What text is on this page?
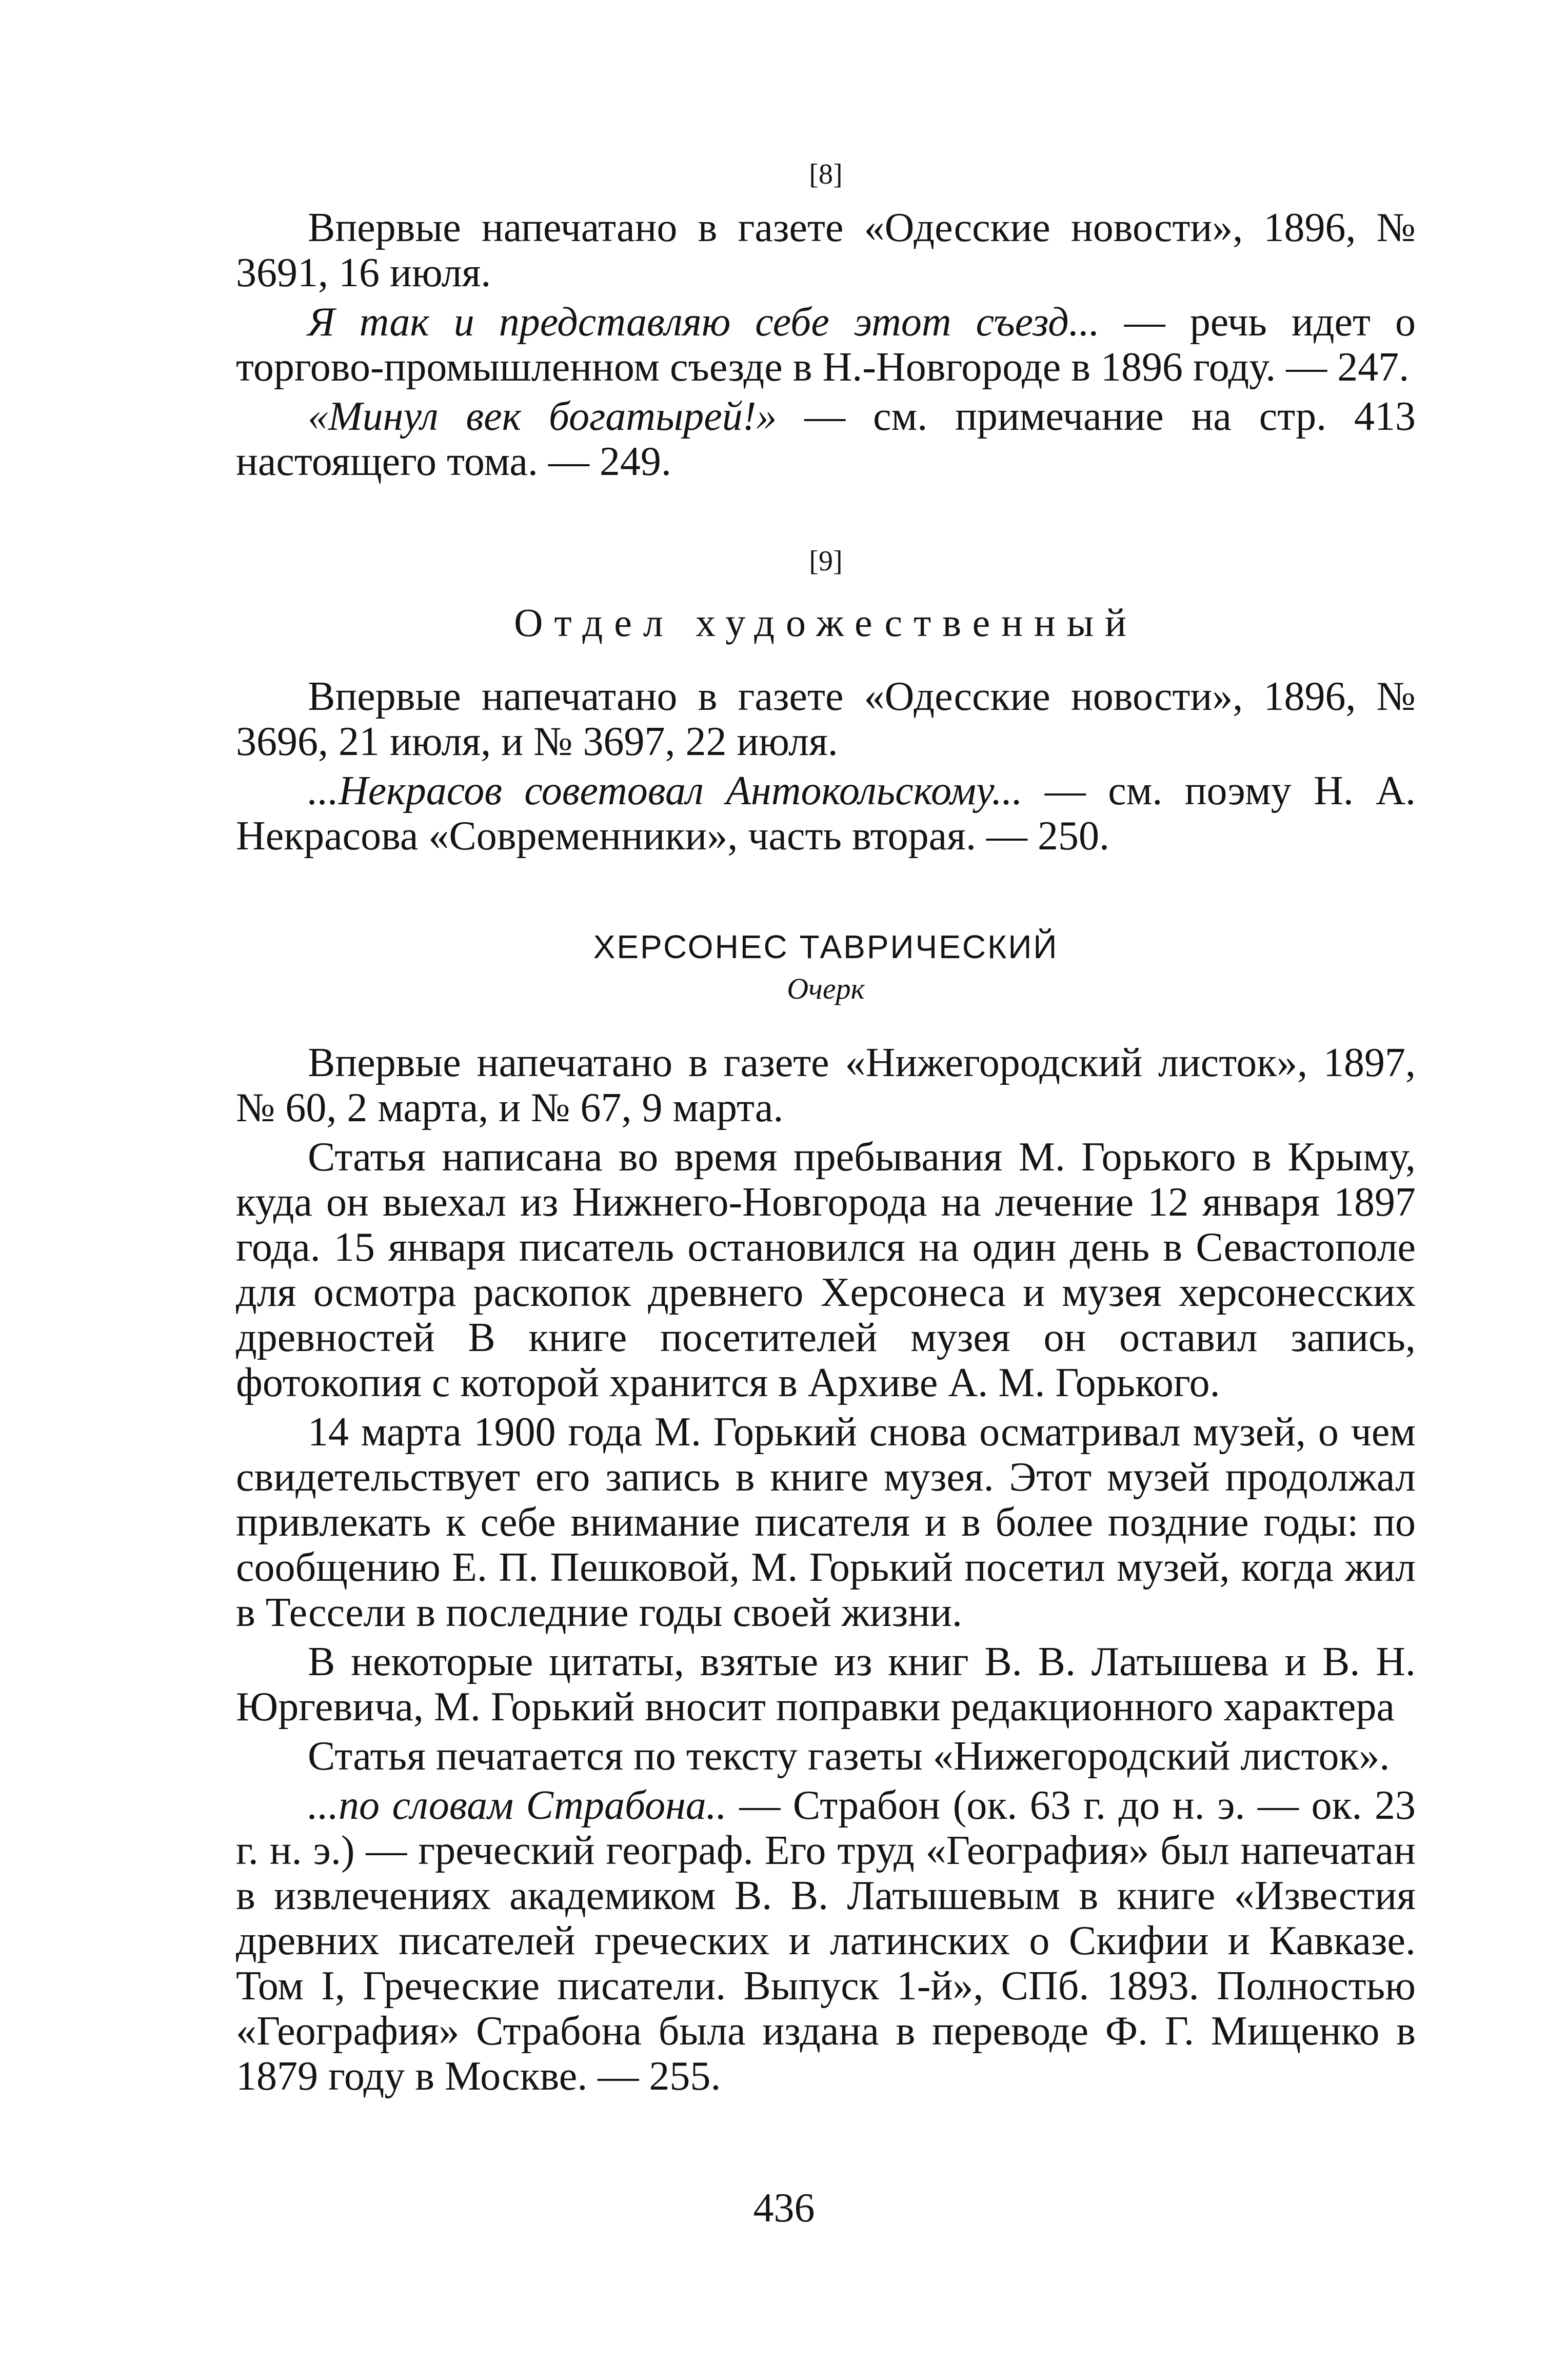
[8]

Впервые напечатано в газете «Одесские новости», 1896, № 3691, 16 июля.

Я так и представляю себе этот съезд... — речь идет о торгово-промышленном съезде в Н.-Новгороде в 1896 году. — 247.

«Минул век богатырей!» — см. примечание на стр. 413 настоящего тома. — 249.

[9]
Отдел художественный

Впервые напечатано в газете «Одесские новости», 1896, № 3696, 21 июля, и № 3697, 22 июля.

...Некрасов советовал Антокольскому... — см. поэму Н. А. Некрасова «Современники», часть вторая. — 250.

ХЕРСОНЕС ТАВРИЧЕСКИЙ
Очерк

Впервые напечатано в газете «Нижегородский листок», 1897, № 60, 2 марта, и № 67, 9 марта.

Статья написана во время пребывания М. Горького в Крыму, куда он выехал из Нижнего-Новгорода на лечение 12 января 1897 года. 15 января писатель остановился на один день в Севастополе для осмотра раскопок древнего Херсонеса и музея херсонесских древностей В книге посетителей музея он оставил запись, фотокопия с которой хранится в Архиве А. М. Горького.

14 марта 1900 года М. Горький снова осматривал музей, о чем свидетельствует его запись в книге музея. Этот музей продолжал привлекать к себе внимание писателя и в более поздние годы: по сообщению Е. П. Пешковой, М. Горький посетил музей, когда жил в Тессели в последние годы своей жизни.

В некоторые цитаты, взятые из книг В. В. Латышева и В. Н. Юргевича, М. Горький вносит поправки редакционного характера

Статья печатается по тексту газеты «Нижегородский листок».

...по словам Страбона.. — Страбон (ок. 63 г. до н. э. — ок. 23 г. н. э.) — греческий географ. Его труд «География» был напечатан в извлечениях академиком В. В. Латышевым в книге «Известия древних писателей греческих и латинских о Скифии и Кавказе. Том I, Греческие писатели. Выпуск 1-й», СПб. 1893. Полностью «География» Страбона была издана в переводе Ф. Г. Мищенко в 1879 году в Москве. — 255.

436
